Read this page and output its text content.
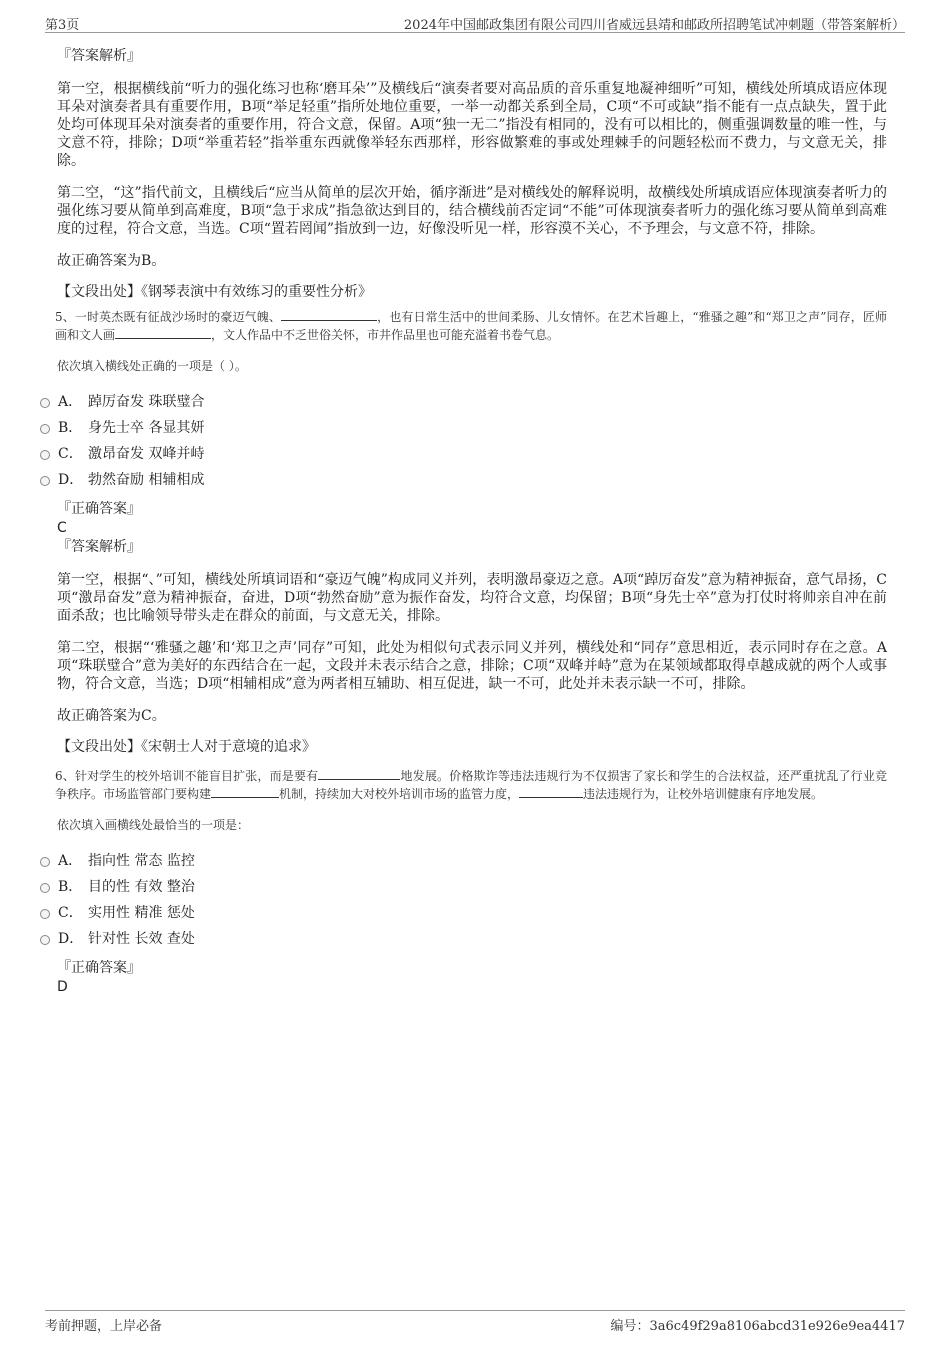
第3页	2024年中国邮政集团有限公司四川省威远县靖和邮政所招聘笔试冲刺题（带答案解析）
『答案解析』

第一空，根据横线前“听力的强化练习也称‘磨耳朵’”及横线后“演奏者要对高品质的音乐重复地凝神细听”可知，横线处所填成语应体现耳朵对演奏者具有重要作用，B项“举足轻重”指所处地位重要，一举一动都关系到全局，C项“不可或缺”指不能有一点点缺失，置于此处均可体现耳朵对演奏者的重要作用，符合文意，保留。A项“独一无二”指没有相同的，没有可以相比的，侧重强调数量的唯一性，与文意不符，排除；D项“举重若轻”指举重东西就像举轻东西那样，形容做繁难的事或处理棘手的问题轻松而不费力，与文意无关，排除。

第二空，“这”指代前文，且横线后“应当从简单的层次开始，循序渐进”是对横线处的解释说明，故横线处所填成语应体现演奏者听力的强化练习要从简单到高难度，B项“急于求成”指急欲达到目的，结合横线前否定词“不能”可体现演奏者听力的强化练习要从简单到高难度的过程，符合文意，当选。C项“置若罔闻”指放到一边，好像没听见一样，形容漠不关心，不予理会，与文意不符，排除。

故正确答案为B。

【文段出处】《钢琴表演中有效练习的重要性分析》

5、一时英杰既有征战沙场时的豪迈气魄、	，也有日常生活中的世间柔肠、儿女情怀。在艺术旨趣上，“雅骚之趣”和“郑卫之声”同存，匠师画和文人画	，文人作品中不乏世俗关怀，市井作品里也可能充溢着书卷气息。

依次填入横线处正确的一项是（ ）。

A． 踔厉奋发 珠联璧合
B． 身先士卒 各显其妍
C． 激昂奋发 双峰并峙
D． 勃然奋励 相辅相成
『正确答案』
C
『答案解析』

第一空，根据“、”可知，横线处所填词语和“豪迈气魄”构成同义并列，表明激昂豪迈之意。A项“踔厉奋发”意为精神振奋，意气昂扬，C项“激昂奋发”意为精神振奋，奋进，D项“勃然奋励”意为振作奋发，均符合文意，均保留；B项“身先士卒”意为打仗时将帅亲自冲在前面杀敌；也比喻领导带头走在群众的前面，与文意无关，排除。

第二空，根据“‘雅骚之趣’和‘郑卫之声’同存”可知，此处为相似句式表示同义并列，横线处和“同存”意思相近，表示同时存在之意。A项“珠联璧合”意为美好的东西结合在一起，文段并未表示结合之意，排除；C项“双峰并峙”意为在某领域都取得卓越成就的两个人或事物，符合文意，当选；D项“相辅相成”意为两者相互辅助、相互促进，缺一不可，此处并未表示缺一不可，排除。

故正确答案为C。

【文段出处】《宋朝士人对于意境的追求》

6、针对学生的校外培训不能盲目扩张，而是要有	地发展。价格欺诈等违法违规行为不仅损害了家长和学生的合法权益，还严重扰乱了行业竞争秩序。市场监管部门要构建	机制，持续加大对校外培训市场的监管力度，	违法违规行为，让校外培训健康有序地发展。

依次填入画横线处最恰当的一项是：

A． 指向性 常态 监控
B． 目的性 有效 整治
C． 实用性 精准 惩处
D． 针对性 长效 查处
『正确答案』
D
考前押题，上岸必备	编号：3a6c49f29a8106abcd31e926e9ea4417
